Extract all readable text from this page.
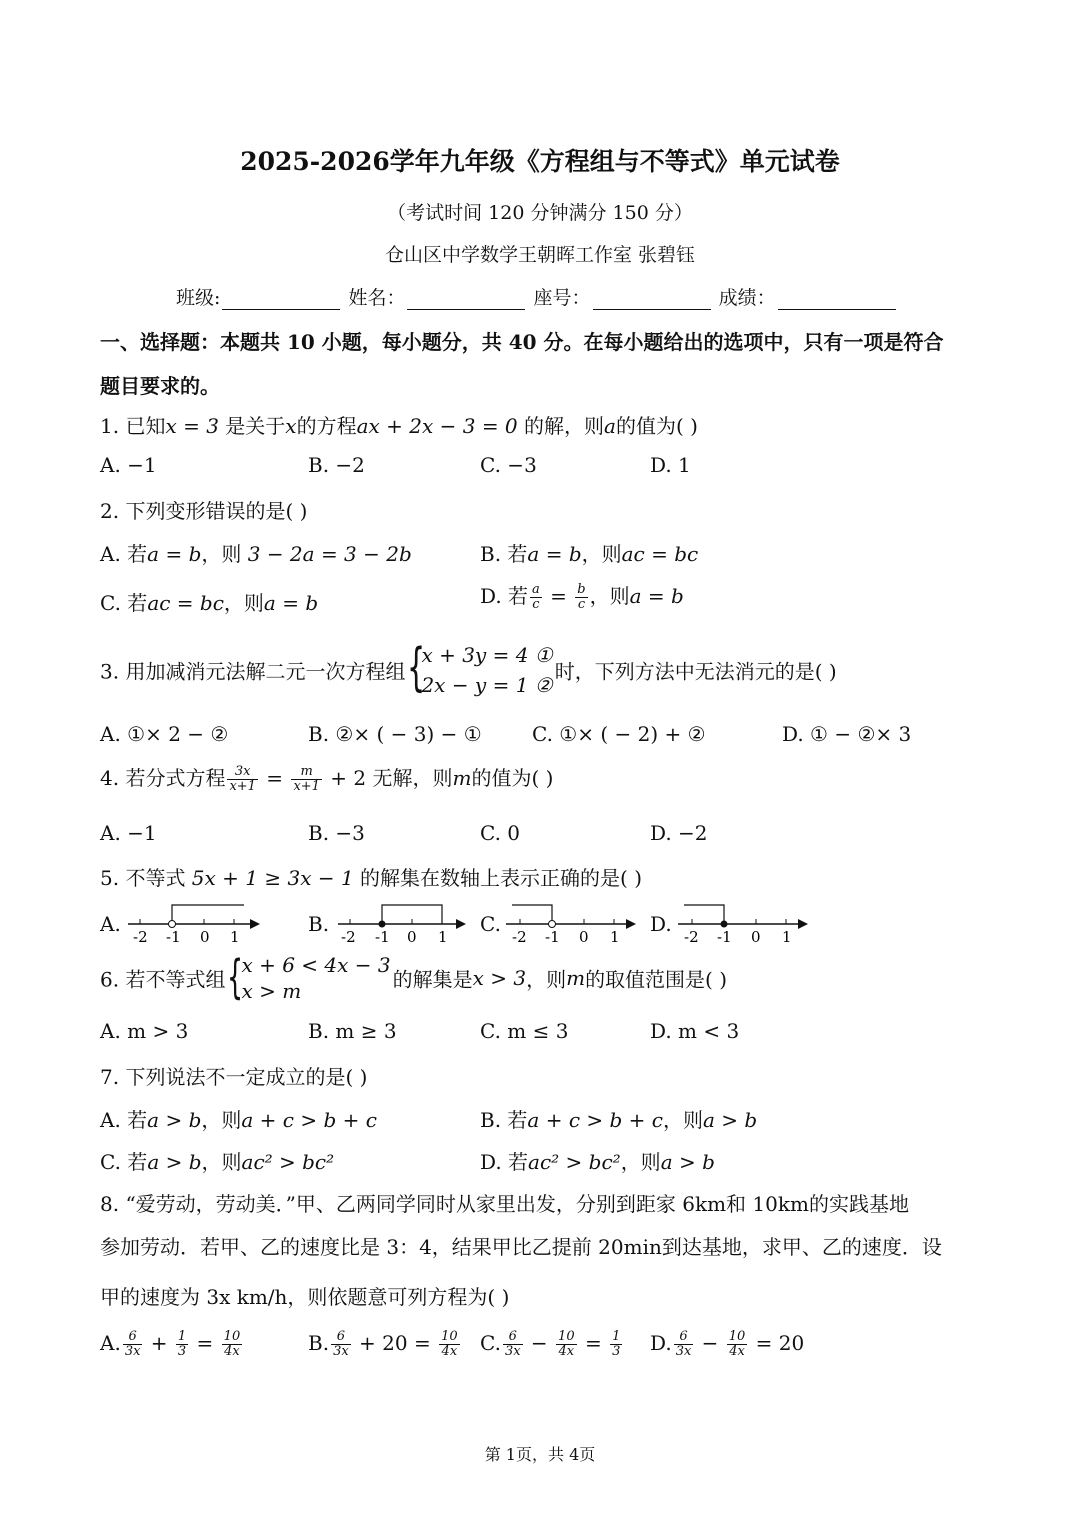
2025-2026学年九年级《方程组与不等式》单元试卷
（考试时间 120 分钟满分 150 分）
仓山区中学数学王朝晖工作室 张碧钰
班级:	姓名：	座号：	成绩：
一、选择题：本题共 10 小题，每小题分，共 40 分。在每小题给出的选项中，只有一项是符合
题目要求的。
1. 已知x = 3 是关于x的方程ax + 2x − 3 = 0 的解，则a的值为( )
A. −1	B. −2	C. −3	D. 1
2. 下列变形错误的是( )
A. 若a = b，则 3 − 2a = 3 − 2b	B. 若a = b，则ac = bc
C. 若ac = bc，则a = b	D. 若 $\frac{a}{c} = \frac{b}{c}$ ，则a = b
3. 用加减消元法解二元一次方程组 {
x + 3y = 4 ①
2x − y = 1 ②
时，下列方法中无法消元的是( )
A. ①× 2 − ②	B. ②× ( − 3) − ①	C. ①× ( − 2) + ②	D. ① − ②× 3
4. 若分式方程 $\frac{3x}{x+1} = \frac{m}{x+1} + 2$ 无解，则m的值为( )
A. −1	B. −3	C. 0	D. −2
5. 不等式 5x + 1 ≥ 3x − 1 的解集在数轴上表示正确的是( )
A.
-2 -1 0 1
B.
-2 -1 0 1
C.
-2 -1 0 1
D.
-2 -1 0 1
6. 若不等式组 {
x + 6 < 4x − 3
x > m	的解集是x > 3，则m的取值范围是( )
A. m > 3	B. m ≥ 3	C. m ≤ 3	D. m < 3
7. 下列说法不一定成立的是( )
A. 若a > b，则a + c > b + c	B. 若a + c > b + c，则a > b
C. 若a > b，则ac² > bc²	D. 若ac² > bc²，则a > b
8. “爱劳动，劳动美．”甲、乙两同学同时从家里出发，分别到距家 6km和 10km的实践基地
参加劳动．若甲、乙的速度比是 3：4，结果甲比乙提前 20min到达基地，求甲、乙的速度．设
甲的速度为 3x km/h，则依题意可列方程为( )
A. $\frac{6}{3x} + \frac{1}{3} = \frac{10}{4x}$	B. $\frac{6}{3x} + 20 = \frac{10}{4x} C$. $\frac{6}{3x} - \frac{10}{4x} = \frac{1}{3} D$. $\frac{6}{3x} - \frac{10}{4x} = 20$
第 1页，共 4页
